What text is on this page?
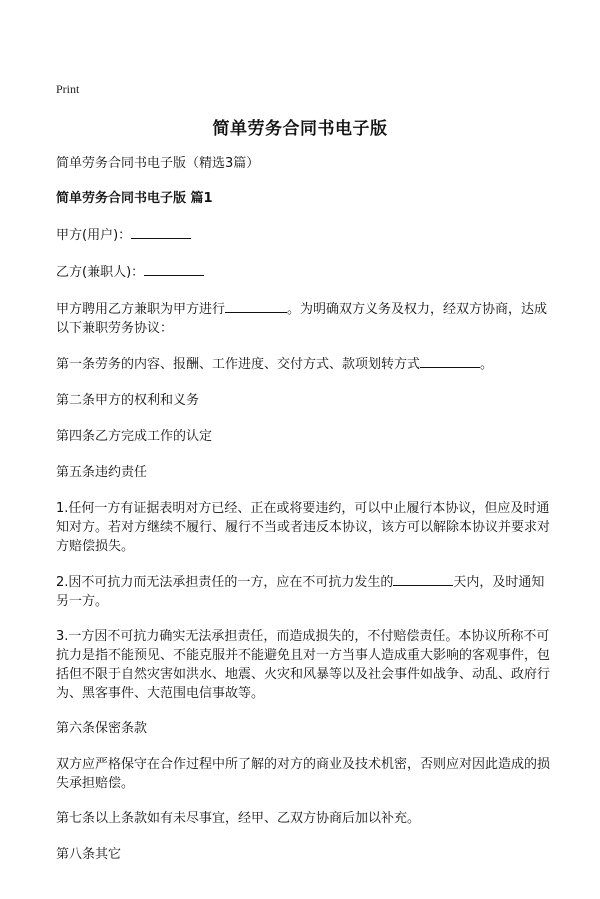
Print
简单劳务合同书电子版

简单劳务合同书电子版（精选3篇）

简单劳务合同书电子版 篇1

甲方(用户)：

乙方(兼职人)：

甲方聘用乙方兼职为甲方进行	。为明确双方义务及权力，经双方协商，达成以下兼职劳务协议：

第一条劳务的内容、报酬、工作进度、交付方式、款项划转方式	。

第二条甲方的权利和义务

第四条乙方完成工作的认定

第五条违约责任

1.任何一方有证据表明对方已经、正在或将要违约，可以中止履行本协议，但应及时通知对方。若对方继续不履行、履行不当或者违反本协议，该方可以解除本协议并要求对方赔偿损失。

2.因不可抗力而无法承担责任的一方，应在不可抗力发生的	天内，及时通知另一方。

3.一方因不可抗力确实无法承担责任，而造成损失的，不付赔偿责任。本协议所称不可抗力是指不能预见、不能克服并不能避免且对一方当事人造成重大影响的客观事件，包括但不限于自然灾害如洪水、地震、火灾和风暴等以及社会事件如战争、动乱、政府行为、黑客事件、大范围电信事故等。

第六条保密条款

双方应严格保守在合作过程中所了解的对方的商业及技术机密，否则应对因此造成的损失承担赔偿。

第七条以上条款如有未尽事宜，经甲、乙双方协商后加以补充。

第八条其它
